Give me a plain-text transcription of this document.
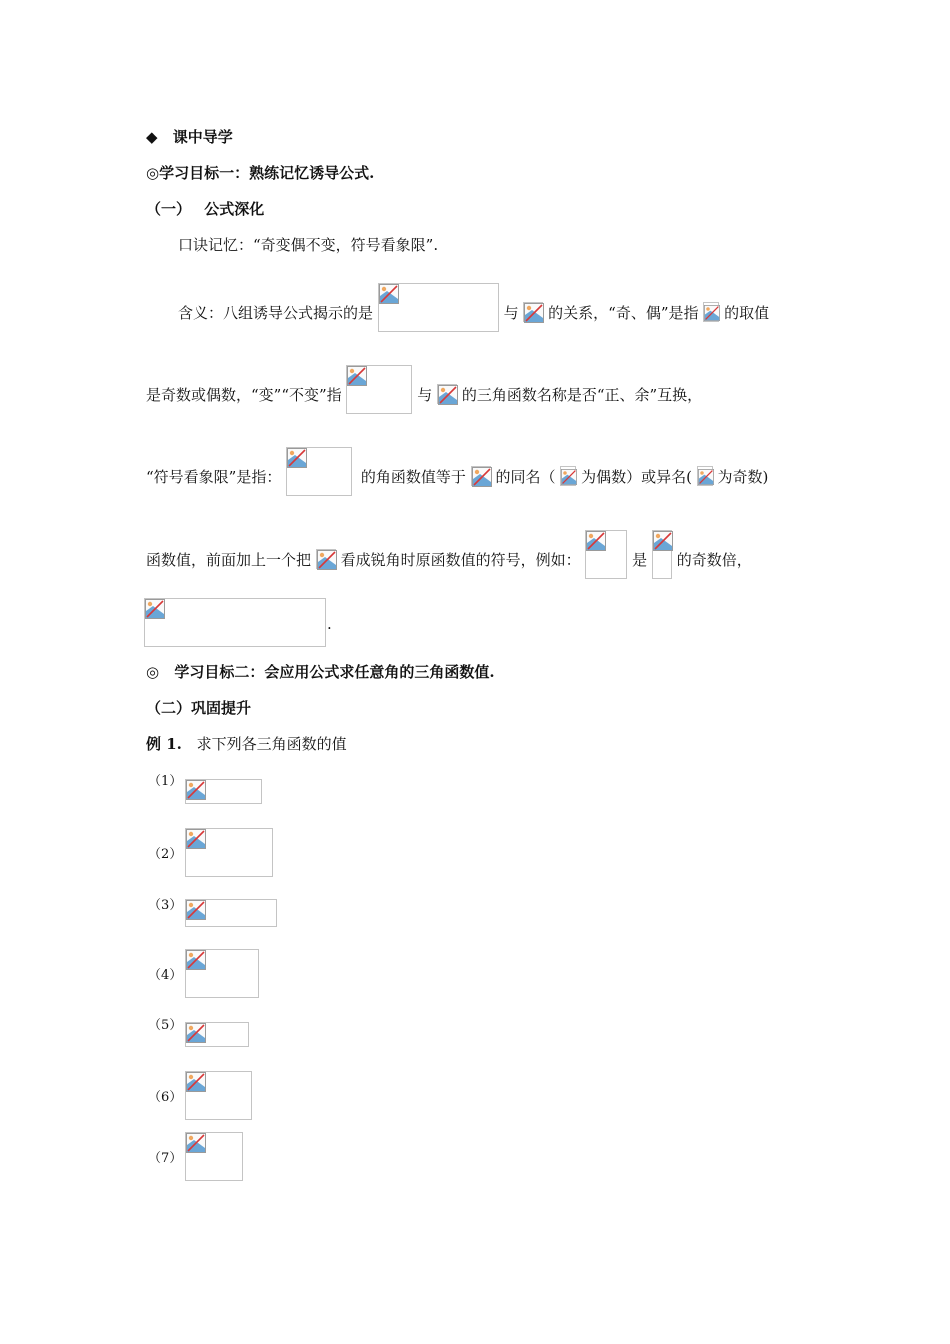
◆ 课中导学
◎学习目标一：熟练记忆诱导公式.
（一） 公式深化
口诀记忆：“奇变偶不变，符号看象限”.
含义：八组诱导公式揭示的是	与 的关系，“奇、偶”是指 的取值
是奇数或偶数，“变”“不变”指	与 的三角函数名称是否“正、余”互换，
“符号看象限”是指：	的角函数值等于 的同名（ 为偶数）或异名( 为奇数)
函数值，前面加上一个把 看成锐角时原函数值的符号，例如：	是 的奇数倍，
.
◎ 学习目标二：会应用公式求任意角的三角函数值.
（二）巩固提升
例 1. 求下列各三角函数的值
（1）
（2）
（3）
（4）
（5）
（6）
（7）
